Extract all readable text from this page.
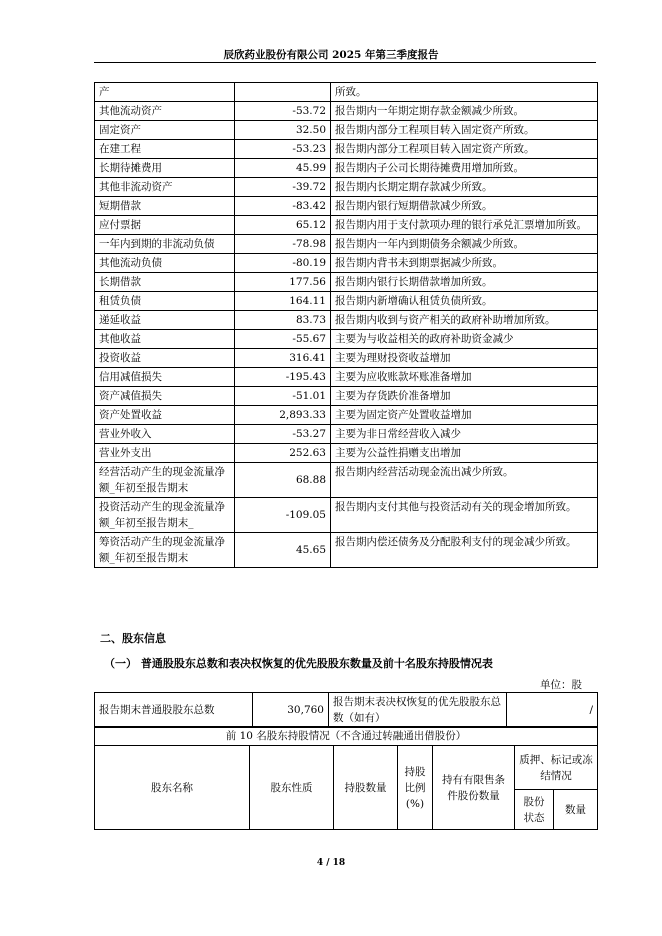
辰欣药业股份有限公司 2025 年第三季度报告
产		所致。
其他流动资产	-53.72	报告期内一年期定期存款金额减少所致。
固定资产	32.50	报告期内部分工程项目转入固定资产所致。
在建工程	-53.23	报告期内部分工程项目转入固定资产所致。
长期待摊费用	45.99	报告期内子公司长期待摊费用增加所致。
其他非流动资产	-39.72	报告期内长期定期存款减少所致。
短期借款	-83.42	报告期内银行短期借款减少所致。
应付票据	65.12	报告期内用于支付款项办理的银行承兑汇票增加所致。
一年内到期的非流动负债	-78.98	报告期内一年内到期债务余额减少所致。
其他流动负债	-80.19	报告期内背书未到期票据减少所致。
长期借款	177.56	报告期内银行长期借款增加所致。
租赁负债	164.11	报告期内新增确认租赁负债所致。
递延收益	83.73	报告期内收到与资产相关的政府补助增加所致。
其他收益	-55.67	主要为与收益相关的政府补助资金减少
投资收益	316.41	主要为理财投资收益增加
信用减值损失	-195.43	主要为应收账款坏账准备增加
资产减值损失	-51.01	主要为存货跌价准备增加
资产处置收益	2,893.33	主要为固定资产处置收益增加
营业外收入	-53.27	主要为非日常经营收入减少
营业外支出	252.63	主要为公益性捐赠支出增加
经营活动产生的现金流量净额_年初至报告期末	68.88	报告期内经营活动现金流出减少所致。
投资活动产生的现金流量净额_年初至报告期末_	-109.05	报告期内支付其他与投资活动有关的现金增加所致。
筹资活动产生的现金流量净额_年初至报告期末	45.65	报告期内偿还债务及分配股利支付的现金减少所致。
二、股东信息
（一） 普通股股东总数和表决权恢复的优先股股东数量及前十名股东持股情况表
单位：股
报告期末普通股股东总数	30,760	报告期末表决权恢复的优先股股东总数（如有）	/
前 10 名股东持股情况（不含通过转融通出借股份）						
股东名称	股东性质	持股数量	持股比例(%)	持有有限售条件股份数量	质押、标记或冻结情况	
					股份状态	数量
4 / 18
